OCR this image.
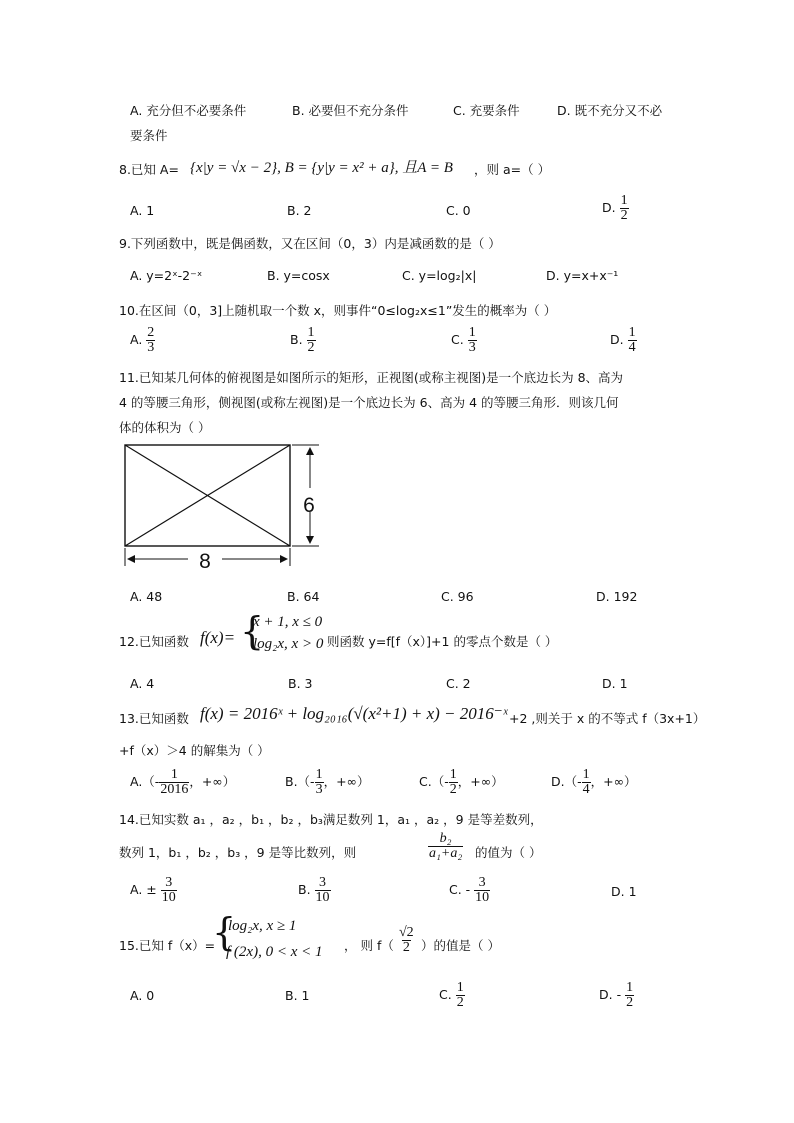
A. 充分但不必要条件	B. 必要但不充分条件	C. 充要条件	D. 既不充分又不必
要条件
8.已知 A= {x|y = √x − 2}, B = {y|y = x² + a}, 且A = B ，则 a=（ ）
A. 1	B. 2	C. 0	D. $\frac{1}{2}$
9.下列函数中，既是偶函数，又在区间（0，3）内是减函数的是（ ）
A. y=2ˣ-2⁻ˣ	B. y=cosx	C. y=log₂|x|	D. y=x+x⁻¹
10.在区间（0，3]上随机取一个数 x，则事件“0≤log₂x≤1”发生的概率为（ ）
A. $\frac{2}{3}$	B. $\frac{1}{2}$	C. $\frac{1}{3}$	D. $\frac{1}{4}$
11.已知某几何体的俯视图是如图所示的矩形，正视图(或称主视图)是一个底边长为 8、高为
4 的等腰三角形，侧视图(或称左视图)是一个底边长为 6、高为 4 的等腰三角形．则该几何
体的体积为（ ）
8
6
A. 48	B. 64	C. 96	D. 192
12.已知函数 f(x)= {
x + 1, x ≤ 0
log₂x, x > 0 则函数 y=f[f（x）]+1 的零点个数是（ ）
A. 4	B. 3	C. 2	D. 1
13.已知函数 f(x) = 2016ˣ + log₂₀₁₆(√(x²+1) + x) − 2016⁻ˣ +2 ,则关于 x 的不等式 f（3x+1）
+f（x）＞4 的解集为（ ）
$A.(- \frac{1}{2016}$ ，+∞）	$B.(- \frac{1}{3}$ ，+∞）	$C.(- \frac{1}{2}$ ，+∞）	$D.(- \frac{1}{4}$ ，+∞）
14.已知实数 a₁ ，a₂ ，b₁ ，b₂ ，b₃满足数列 1，a₁ ，a₂ ，9 是等差数列，
数列 1，b₁ ，b₂ ，b₃ ，9 是等比数列，则	$\frac{\text{b₂}}{\text{a₁+a₂}}$ 的值为（ ）
A. ± $\frac{3}{10}$	B. $\frac{3}{10}$	C. - $\frac{3}{10}$	D. 1
15.已知 f（x）=
{
log₂x, x ≥ 1
f (2x), 0 < x < 1 ， 则 $f( \frac{√2}{2}$ ）的值是（ ）
A. 0	B. 1	C. $\frac{1}{2}$	D. - $\frac{1}{2}$
